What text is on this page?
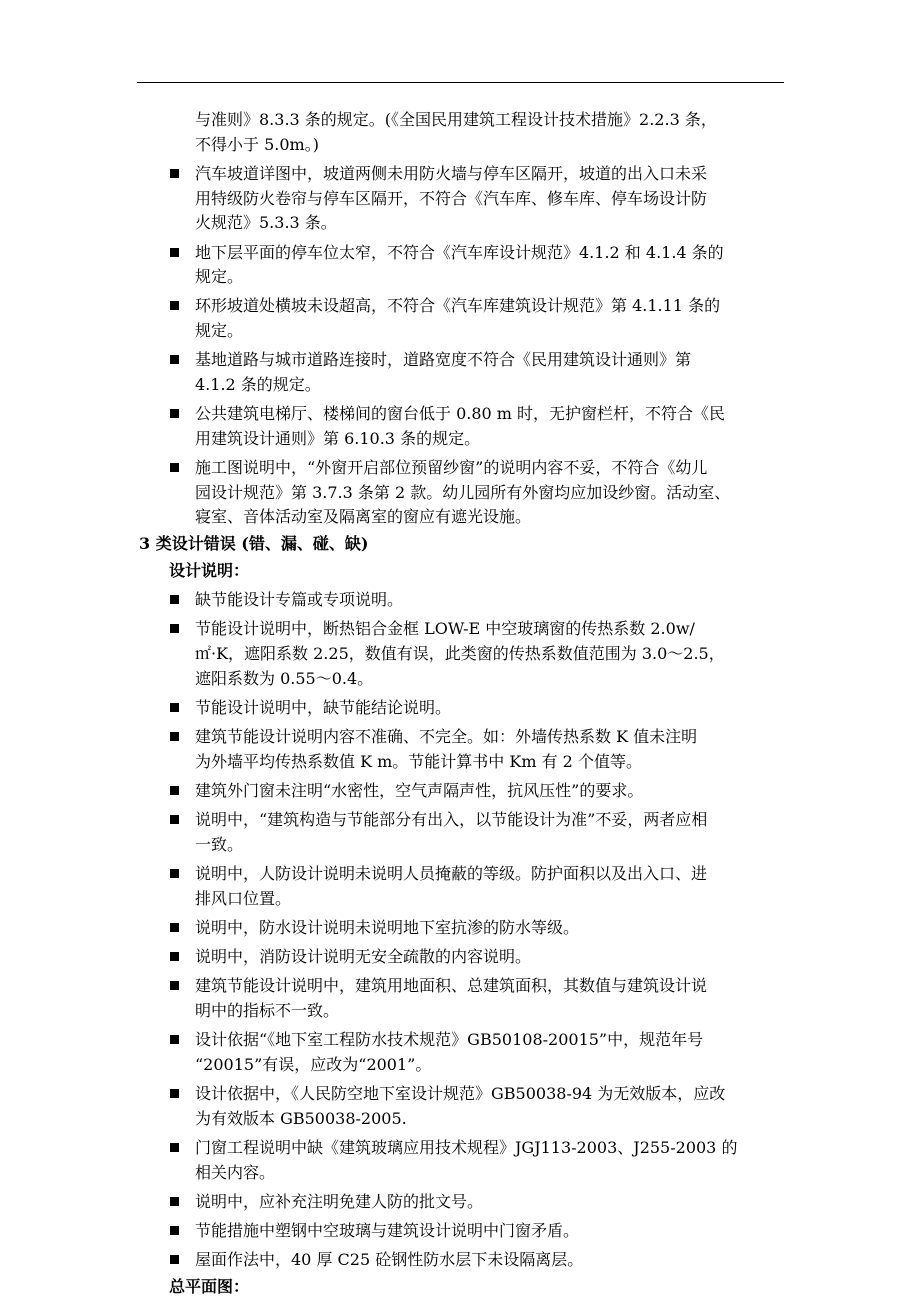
与准则》8.3.3 条的规定。(《全国民用建筑工程设计技术措施》2.2.3 条，
不得小于 5.0m。)
汽车坡道详图中，坡道两侧未用防火墙与停车区隔开，坡道的出入口未采
用特级防火卷帘与停车区隔开，不符合《汽车库、修车库、停车场设计防
火规范》5.3.3 条。
地下层平面的停车位太窄，不符合《汽车库设计规范》4.1.2 和 4.1.4 条的
规定。
环形坡道处横坡未设超高，不符合《汽车库建筑设计规范》第 4.1.11 条的
规定。
基地道路与城市道路连接时，道路宽度不符合《民用建筑设计通则》第
4.1.2 条的规定。
公共建筑电梯厅、楼梯间的窗台低于 0.80 m 时，无护窗栏杆，不符合《民
用建筑设计通则》第 6.10.3 条的规定。
施工图说明中，“外窗开启部位预留纱窗”的说明内容不妥，不符合《幼儿
园设计规范》第 3.7.3 条第 2 款。幼儿园所有外窗均应加设纱窗。活动室、
寝室、音体活动室及隔离室的窗应有遮光设施。
3 类设计错误 (错、漏、碰、缺)
设计说明：
缺节能设计专篇或专项说明。
节能设计说明中，断热铝合金框 LOW-E 中空玻璃窗的传热系数 2.0w/
㎡·K，遮阳系数 2.25，数值有误，此类窗的传热系数值范围为 3.0～2.5，
遮阳系数为 0.55～0.4。
节能设计说明中，缺节能结论说明。
建筑节能设计说明内容不准确、不完全。如：外墙传热系数 K 值未注明
为外墙平均传热系数值 K m。节能计算书中 Km 有 2 个值等。
建筑外门窗未注明“水密性，空气声隔声性，抗风压性”的要求。
说明中，“建筑构造与节能部分有出入，以节能设计为准”不妥，两者应相
一致。
说明中，人防设计说明未说明人员掩蔽的等级。防护面积以及出入口、进
排风口位置。
说明中，防水设计说明未说明地下室抗渗的防水等级。
说明中，消防设计说明无安全疏散的内容说明。
建筑节能设计说明中，建筑用地面积、总建筑面积，其数值与建筑设计说
明中的指标不一致。
设计依据“《地下室工程防水技术规范》GB50108-20015”中，规范年号
“20015”有误，应改为“2001”。
设计依据中，《人民防空地下室设计规范》GB50038-94 为无效版本，应改
为有效版本 GB50038-2005.
门窗工程说明中缺《建筑玻璃应用技术规程》JGJ113-2003、J255-2003 的
相关内容。
说明中，应补充注明免建人防的批文号。
节能措施中塑钢中空玻璃与建筑设计说明中门窗矛盾。
屋面作法中，40 厚 C25 砼钢性防水层下未设隔离层。
总平面图：
